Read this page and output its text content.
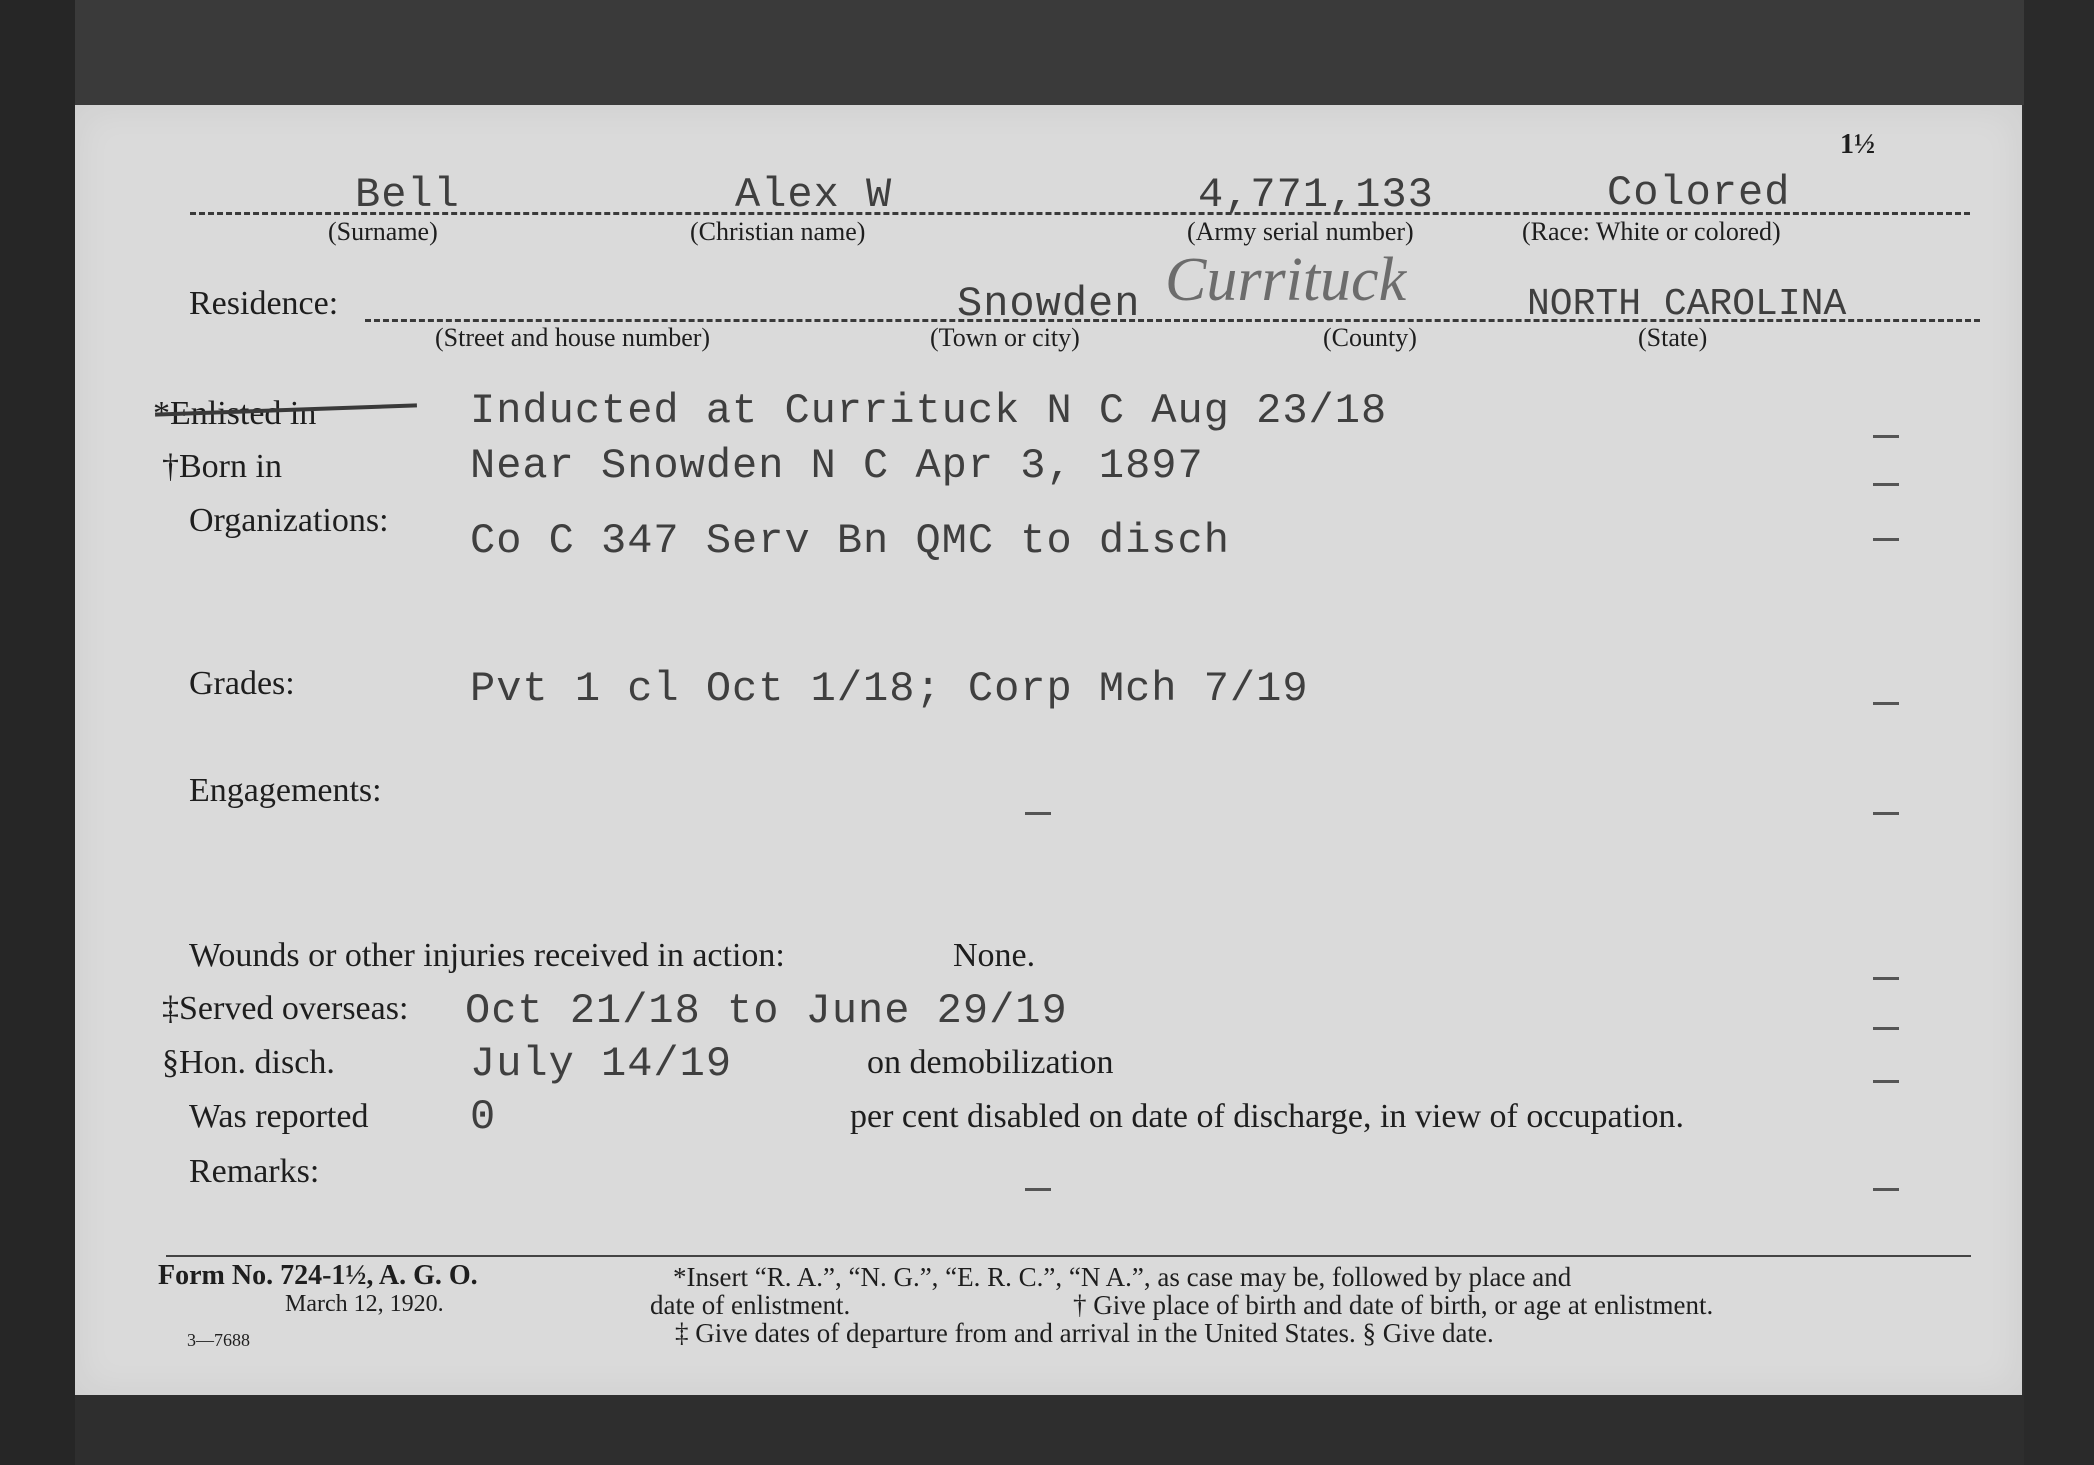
1½
Bell
(Surname)
Alex W
(Christian name)
4,771,133
(Army serial number)
Colored
(Race: White or colored)
Residence:
(Street and house number)
Snowden
(Town or city)
Currituck
(County)
NORTH CAROLINA
(State)
*Enlisted in	Inducted at Currituck N C Aug 23/18
†Born in	Near Snowden N C Apr 3, 1897
Organizations: Co C 347 Serv Bn QMC to disch
Grades:	Pvt 1 cl Oct 1/18; Corp Mch 7/19
Engagements:
Wounds or other injuries received in action:	None.
‡Served overseas: Oct 21/18 to June 29/19
§Hon. disch.	July 14/19	on demobilization
Was reported 0	per cent disabled on date of discharge, in view of occupation.
Remarks:
Form No. 724-1½, A. G. O.
March 12, 1920.
3—7688
*Insert “R. A.”, “N. G.”, “E. R. C.”, “N A.”, as case may be, followed by place and
date of enlistment.	† Give place of birth and date of birth, or age at enlistment.
‡ Give dates of departure from and arrival in the United States. § Give date.
